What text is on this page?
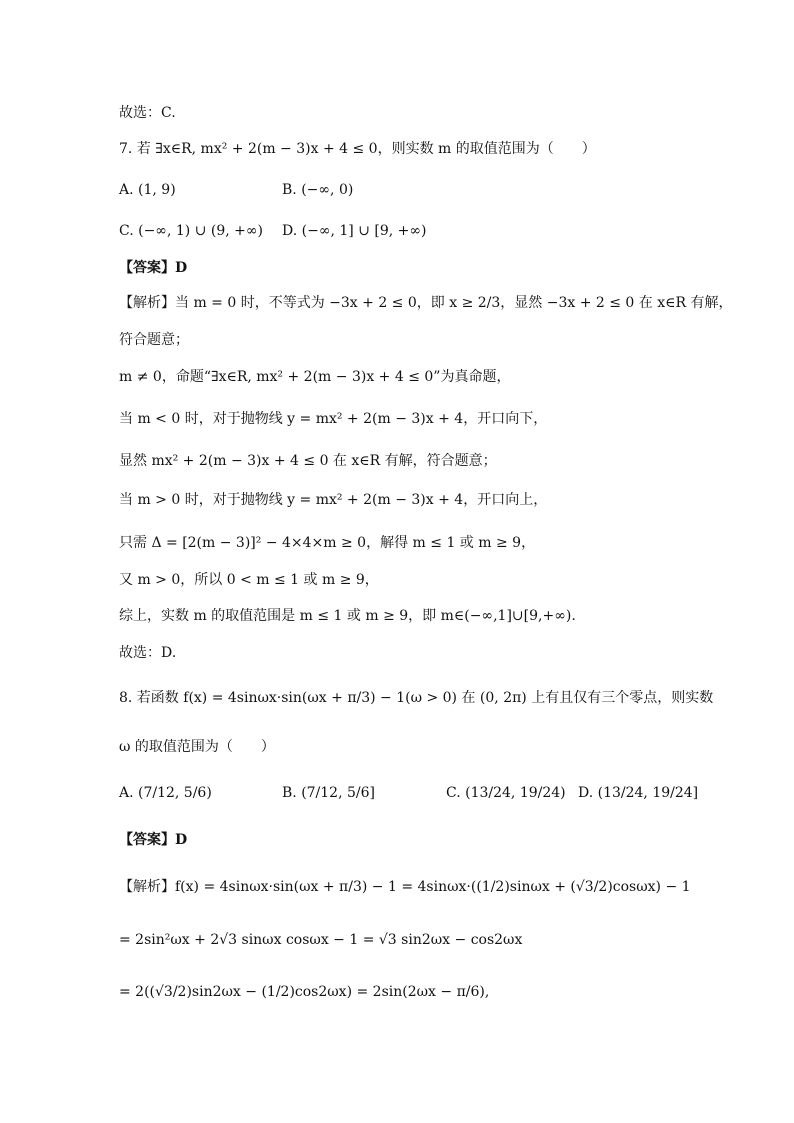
故选：C.
7. 若 ∃x∈R, mx² + 2(m − 3)x + 4 ≤ 0，则实数 m 的取值范围为（　　）
A. (1, 9)	B. (−∞, 0)
C. (−∞, 1) ∪ (9, +∞) D. (−∞, 1] ∪ [9, +∞)
【答案】D
【解析】当 m = 0 时，不等式为 −3x + 2 ≤ 0，即 x ≥ 2/3，显然 −3x + 2 ≤ 0 在 x∈R 有解，
符合题意；
m ≠ 0，命题“∃x∈R, mx² + 2(m − 3)x + 4 ≤ 0”为真命题，
当 m < 0 时，对于抛物线 y = mx² + 2(m − 3)x + 4，开口向下，
显然 mx² + 2(m − 3)x + 4 ≤ 0 在 x∈R 有解，符合题意；
当 m > 0 时，对于抛物线 y = mx² + 2(m − 3)x + 4，开口向上，
只需 Δ = [2(m − 3)]² − 4×4×m ≥ 0，解得 m ≤ 1 或 m ≥ 9，
又 m > 0，所以 0 < m ≤ 1 或 m ≥ 9，
综上，实数 m 的取值范围是 m ≤ 1 或 m ≥ 9，即 m∈(−∞,1]∪[9,+∞).
故选：D.
8. 若函数 f(x) = 4sinωx·sin(ωx + π/3) − 1(ω > 0) 在 (0, 2π) 上有且仅有三个零点，则实数
ω 的取值范围为（　　）
A. (7/12, 5/6)	B. (7/12, 5/6]	C. (13/24, 19/24) D. (13/24, 19/24]
【答案】D
【解析】f(x) = 4sinωx·sin(ωx + π/3) − 1 = 4sinωx·((1/2)sinωx + (√3/2)cosωx) − 1
= 2sin²ωx + 2√3 sinωx cosωx − 1 = √3 sin2ωx − cos2ωx
= 2((√3/2)sin2ωx − (1/2)cos2ωx) = 2sin(2ωx − π/6),
